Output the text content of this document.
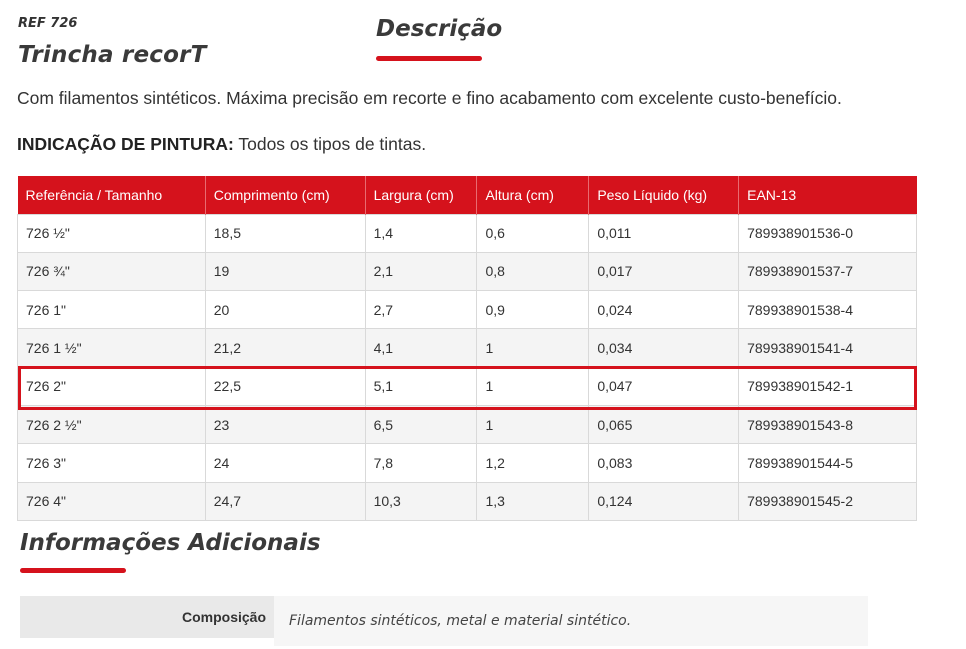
REF 726
Trincha recorT
Descrição
Com filamentos sintéticos. Máxima precisão em recorte e fino acabamento com excelente custo-benefício.
INDICAÇÃO DE PINTURA: Todos os tipos de tintas.
Referência / Tamanho	Comprimento (cm)	Largura (cm)	Altura (cm)	Peso Líquido (kg)	EAN-13
726 ½"	18,5	1,4	0,6	0,011	789938901536-0
726 ¾"	19	2,1	0,8	0,017	789938901537-7
726 1"	20	2,7	0,9	0,024	789938901538-4
726 1 ½"	21,2	4,1	1	0,034	789938901541-4
726 2"	22,5	5,1	1	0,047	789938901542-1
726 2 ½"	23	6,5	1	0,065	789938901543-8
726 3"	24	7,8	1,2	0,083	789938901544-5
726 4"	24,7	10,3	1,3	0,124	789938901545-2
Informações Adicionais
Composição	Filamentos sintéticos, metal e material sintético.
